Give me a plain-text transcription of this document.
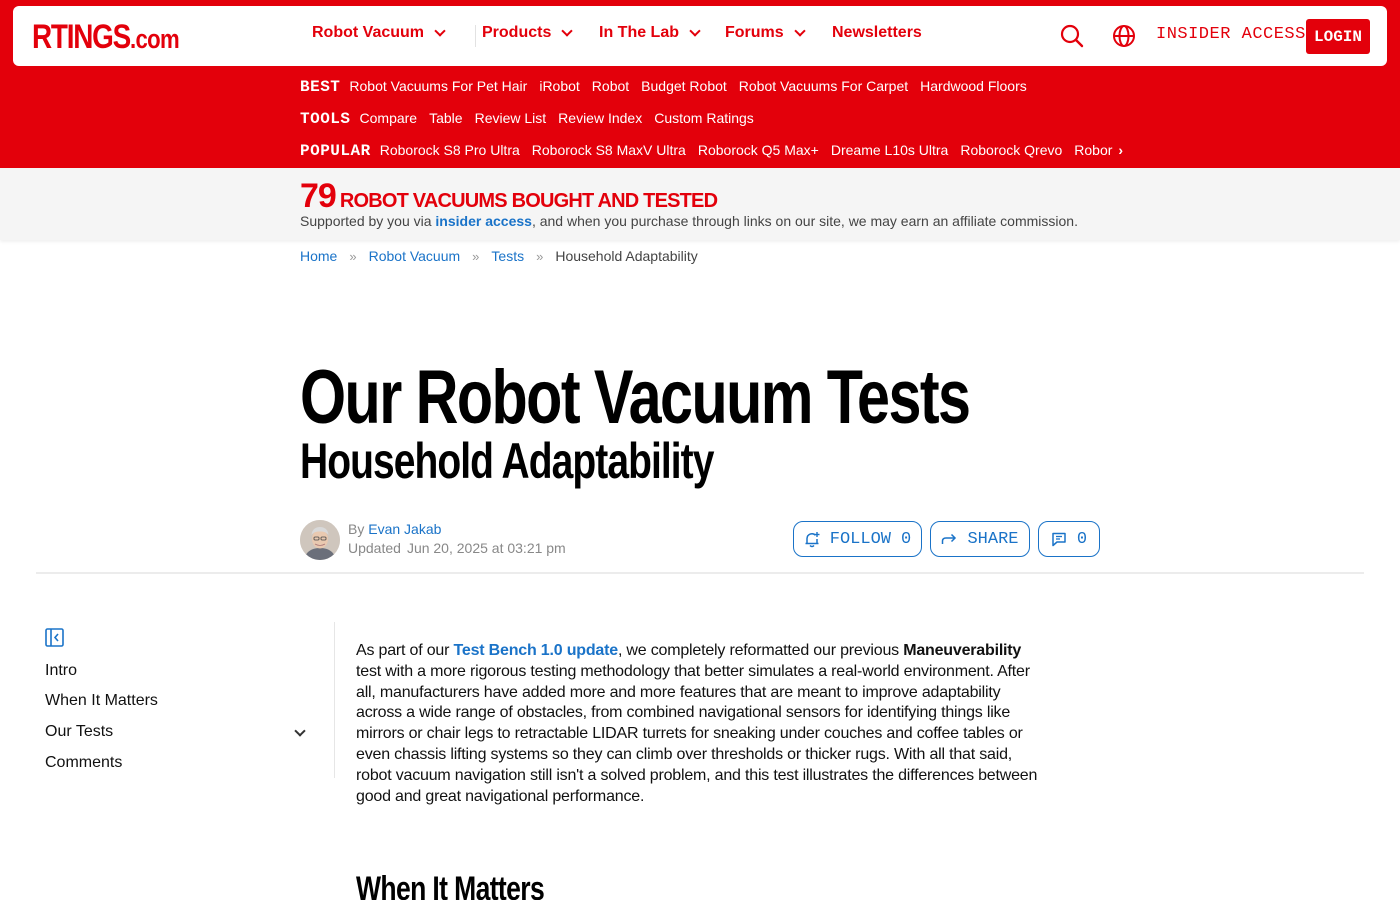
RTINGS.com	Robot Vacuum	Products	In The Lab	Forums	Newsletters	INSIDER ACCESS LOGIN
BEST Robot Vacuums For Pet Hair iRobot Robot Budget Robot Robot Vacuums For Carpet Hardwood Floors
TOOLS Compare Table Review List Review Index Custom Ratings
POPULAR Roborock S8 Pro Ultra Roborock S8 MaxV Ultra Roborock Q5 Max+ Dreame L10s Ultra Roborock Qrevo Robor ›
79 ROBOT VACUUMS BOUGHT AND TESTED
Supported by you via insider access, and when you purchase through links on our site, we may earn an affiliate commission.
Home » Robot Vacuum » Tests » Household Adaptability
Our Robot Vacuum Tests
Household Adaptability
By Evan Jakab
Updated Jun 20, 2025 at 03:21 pm	FOLLOW 0	SHARE	0
Intro
When It Matters
Our Tests
Comments

As part of our Test Bench 1.0 update, we completely reformatted our previous Maneuverability test with a more rigorous testing methodology that better simulates a real-world environment. After all, manufacturers have added more and more features that are meant to improve adaptability across a wide range of obstacles, from combined navigational sensors for identifying things like mirrors or chair legs to retractable LIDAR turrets for sneaking under couches and coffee tables or even chassis lifting systems so they can climb over thresholds or thicker rugs. With all that said, robot vacuum navigation still isn't a solved problem, and this test illustrates the differences between good and great navigational performance.

When It Matters
